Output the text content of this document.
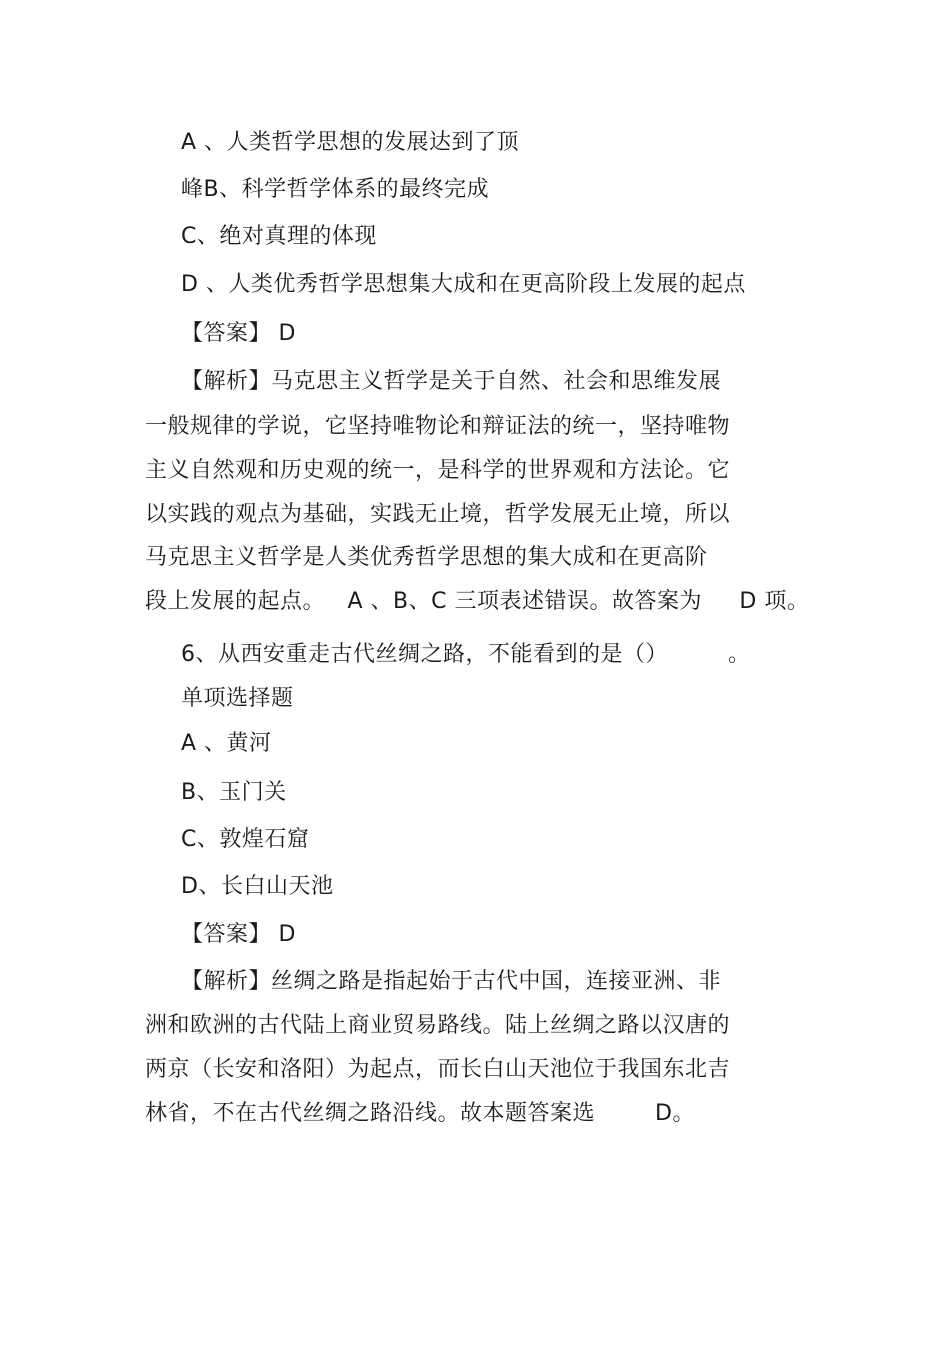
A 、人类哲学思想的发展达到了顶
峰B、科学哲学体系的最终完成
C、绝对真理的体现
D 、人类优秀哲学思想集大成和在更高阶段上发展的起点
【答案】 D
【解析】马克思主义哲学是关于自然、社会和思维发展
一般规律的学说，它坚持唯物论和辩证法的统一，坚持唯物
主义自然观和历史观的统一，是科学的世界观和方法论。它
以实践的观点为基础，实践无止境，哲学发展无止境，所以
马克思主义哲学是人类优秀哲学思想的集大成和在更高阶
段上发展的起点。   A 、B、C 三项表述错误。故答案为     D 项。
6、从西安重走古代丝绸之路，不能看到的是（）        。
单项选择题
A 、黄河
B、玉门关
C、敦煌石窟
D、长白山天池
【答案】 D
【解析】丝绸之路是指起始于古代中国，连接亚洲、非
洲和欧洲的古代陆上商业贸易路线。陆上丝绸之路以汉唐的
两京（长安和洛阳）为起点，而长白山天池位于我国东北吉
林省，不在古代丝绸之路沿线。故本题答案选        D。
